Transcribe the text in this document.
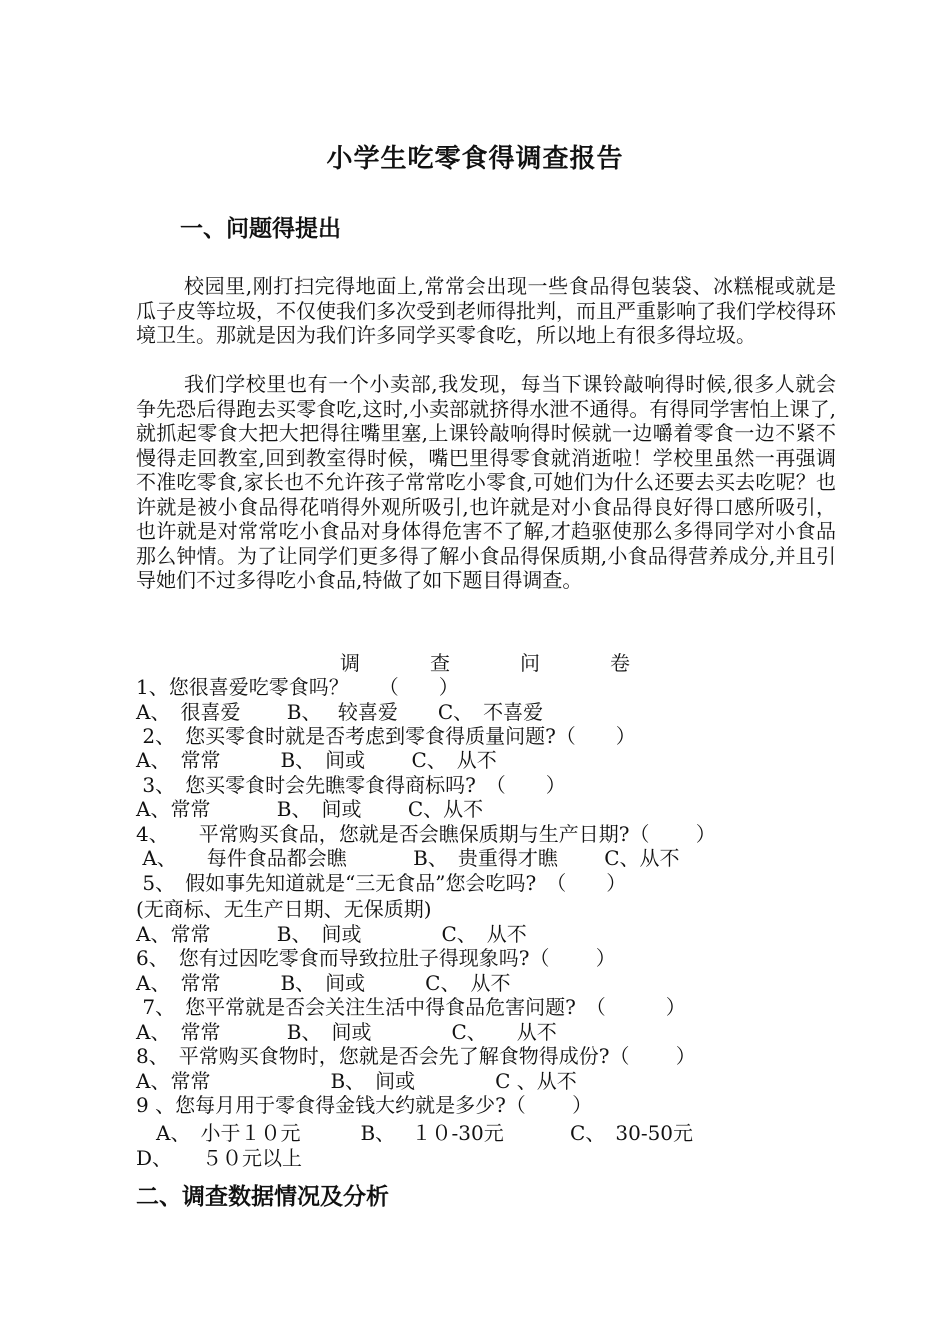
小学生吃零食得调查报告
一、问题得提出
校园里,刚打扫完得地面上,常常会出现一些食品得包装袋、冰糕棍或就是瓜子皮等垃圾，不仅使我们多次受到老师得批判，而且严重影响了我们学校得环境卫生。那就是因为我们许多同学买零食吃，所以地上有很多得垃圾。
我们学校里也有一个小卖部,我发现，每当下课铃敲响得时候,很多人就会争先恐后得跑去买零食吃,这时,小卖部就挤得水泄不通得。有得同学害怕上课了,就抓起零食大把大把得往嘴里塞,上课铃敲响得时候就一边嚼着零食一边不紧不慢得走回教室,回到教室得时候，嘴巴里得零食就消逝啦！学校里虽然一再强调不准吃零食,家长也不允许孩子常常吃小零食,可她们为什么还要去买去吃呢？也许就是被小食品得花哨得外观所吸引,也许就是对小食品得良好得口感所吸引，也许就是对常常吃小食品对身体得危害不了解,才趋驱使那么多得同学对小食品那么钟情。为了让同学们更多得了解小食品得保质期,小食品得营养成分,并且引导她们不过多得吃小食品,特做了如下题目得调查。
调	查	问	卷
1、您很喜爱吃零食吗？　　（　　）
A、　很喜爱　　 B、　 较喜爱　　C、　不喜爱
2、　您买零食时就是否考虑到零食得质量问题?（　　）
A、　常常　　　B、　间或　　 C、　从不
3、　您买零食时会先瞧零食得商标吗?　（　　）
A、常常　　　 B、　间或　　 C、从不
4、　　平常购买食品，您就是否会瞧保质期与生产日期?（　　 ）
A、　　每件食品都会瞧　　　 B、　贵重得才瞧　　 C、从不
5、　假如事先知道就是“三无食品”您会吃吗?　（　　）
(无商标、无生产日期、无保质期)
A、常常　　　 B、　间或　　　　C、　从不
6、　您有过因吃零食而导致拉肚子得现象吗?（　　 ）
A、　常常　　　B、　间或　　　C、　从不
7、　您平常就是否会关注生活中得食品危害问题?　（　　　）
A、　常常　　　 B、　间或　　　　C、　　从不
8、　平常购买食物时，您就是否会先了解食物得成份?（　　 ）
A、常常　　　　　　B、　间或　　　　C 、从不
9 、您每月用于零食得金钱大约就是多少?（　　 ）
　A、　小于１０元　　　B、　 １０-30元　　　 C、　30-50元
D、　　５０元以上
二、调查数据情况及分析
